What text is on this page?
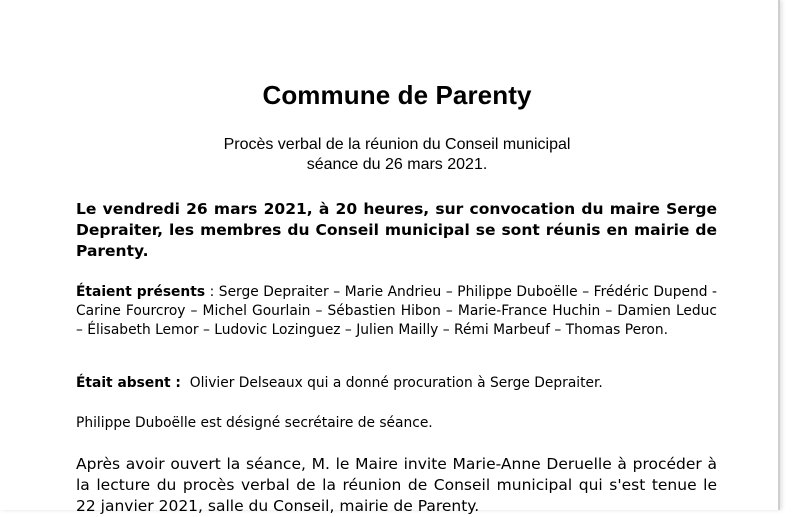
Commune de Parenty
Procès verbal de la réunion du Conseil municipal
séance du 26 mars 2021.
Le vendredi 26 mars 2021, à 20 heures, sur convocation du maire Serge Depraiter, les membres du Conseil municipal se sont réunis en mairie de Parenty.
Étaient présents : Serge Depraiter – Marie Andrieu – Philippe Duboëlle – Frédéric Dupend - Carine Fourcroy – Michel Gourlain – Sébastien Hibon – Marie-France Huchin – Damien Leduc – Élisabeth Lemor – Ludovic Lozinguez – Julien Mailly – Rémi Marbeuf – Thomas Peron.
Était absent :  Olivier Delseaux qui a donné procuration à Serge Depraiter.
Philippe Duboëlle est désigné secrétaire de séance.
Après avoir ouvert la séance, M. le Maire invite Marie-Anne Deruelle à procéder à la lecture du procès verbal de la réunion de Conseil municipal qui s'est tenue le 22 janvier 2021, salle du Conseil, mairie de Parenty.
